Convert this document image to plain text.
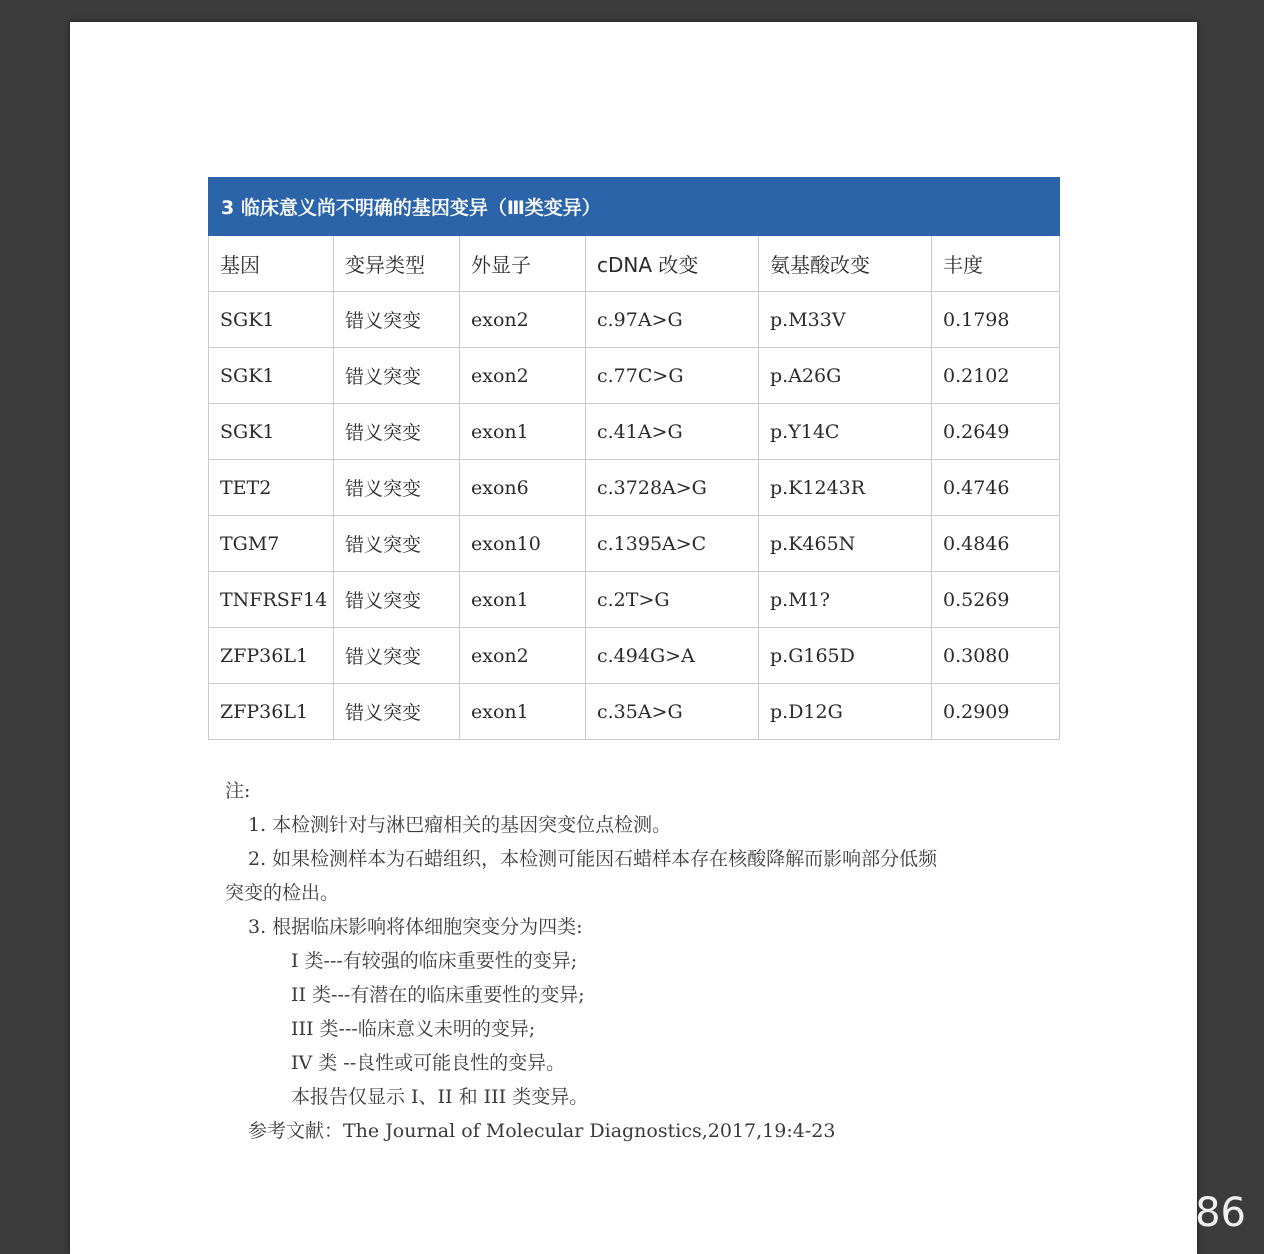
3 临床意义尚不明确的基因变异（Ⅲ类变异）					
基因	变异类型	外显子	cDNA 改变	氨基酸改变	丰度
SGK1	错义突变	exon2	c.97A>G	p.M33V	0.1798
SGK1	错义突变	exon2	c.77C>G	p.A26G	0.2102
SGK1	错义突变	exon1	c.41A>G	p.Y14C	0.2649
TET2	错义突变	exon6	c.3728A>G	p.K1243R	0.4746
TGM7	错义突变	exon10	c.1395A>C	p.K465N	0.4846
TNFRSF14	错义突变	exon1	c.2T>G	p.M1?	0.5269
ZFP36L1	错义突变	exon2	c.494G>A	p.G165D	0.3080
ZFP36L1	错义突变	exon1	c.35A>G	p.D12G	0.2909

注:

1. 本检测针对与淋巴瘤相关的基因突变位点检测。

2. 如果检测样本为石蜡组织，本检测可能因石蜡样本存在核酸降解而影响部分低频

突变的检出。

3. 根据临床影响将体细胞突变分为四类:

I 类---有较强的临床重要性的变异;

II 类---有潜在的临床重要性的变异;

III 类---临床意义未明的变异;

IV 类 --良性或可能良性的变异。

本报告仅显示 I、II 和 III 类变异。

参考文献：The Journal of Molecular Diagnostics,2017,19:4-23

86
